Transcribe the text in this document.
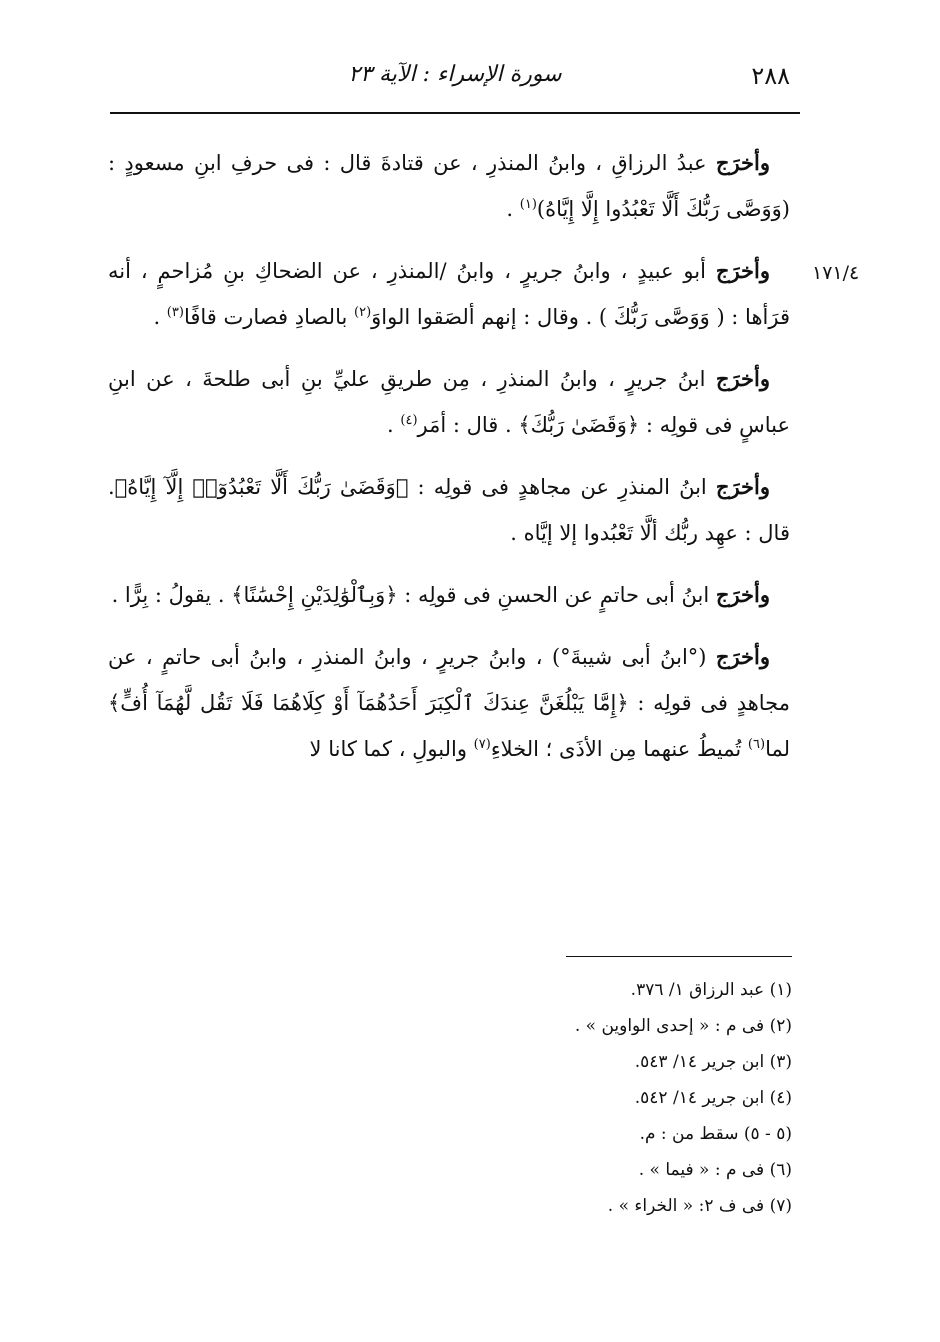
٢٨٨
سورة الإسراء : الآية ٢٣

وأخرَج عبدُ الرزاقِ ، وابنُ المنذرِ ، عن قتادةَ قال : فى حرفِ ابنِ مسعودٍ : (وَوَصَّى رَبُّكَ أَلَّا تَعْبُدُوا إِلَّا إِيَّاهُ)$^{(١)}$ .

١٧١/٤
وأخرَج أبو عبيدٍ ، وابنُ جريرٍ ، وابنُ /المنذرِ ، عن الضحاكِ بنِ مُزاحمٍ ، أنه قرَأها : ( وَوَصَّى رَبُّكَ ) . وقال : إنهم ألصَقوا الواوَ$^{(٢)}$ بالصادِ فصارت قافًا$^{(٣)}$ .

وأخرَج ابنُ جريرٍ ، وابنُ المنذرِ ، مِن طريقِ عليِّ بنِ أبى طلحةَ ، عن ابنِ عباسٍ فى قولِه : ﴿وَقَضَىٰ رَبُّكَ﴾ . قال : أمَر$^{(٤)}$ .

وأخرَج ابنُ المنذرِ عن مجاهدٍ فى قولِه : ﴿وَقَضَىٰ رَبُّكَ أَلَّا تَعْبُدُوٓا۟ إِلَّآ إِيَّاهُ﴾. قال : عهِد ربُّك ألَّا تَعْبُدوا إلا إيَّاه .

وأخرَج ابنُ أبى حاتمٍ عن الحسنِ فى قولِه : ﴿وَبِٱلْوَٰلِدَيْنِ إِحْسَٰنًا﴾ . يقولُ : بِرًّا .

وأخرَج (°ابنُ أبى شيبةَ°) ، وابنُ جريرٍ ، وابنُ المنذرِ ، وابنُ أبى حاتمٍ ، عن مجاهدٍ فى قولِه : ﴿إِمَّا يَبْلُغَنَّ عِندَكَ ٱلْكِبَرَ أَحَدُهُمَآ أَوْ كِلَاهُمَا فَلَا تَقُل لَّهُمَآ أُفٍّ﴾ لما$^{(٦)}$ تُميطُ عنهما مِن الأذَى ؛ الخلاءِ$^{(٧)}$ والبولِ ، كما كانا لا

(١) عبد الرزاق ١/ ٣٧٦.

(٢) فى م : « إحدى الواوين » .

(٣) ابن جرير ١٤/ ٥٤٣.

(٤) ابن جرير ١٤/ ٥٤٢.

(٥ - ٥) سقط من : م.

(٦) فى م : « فيما » .

(٧) فى ف ٢: « الخراء » .
